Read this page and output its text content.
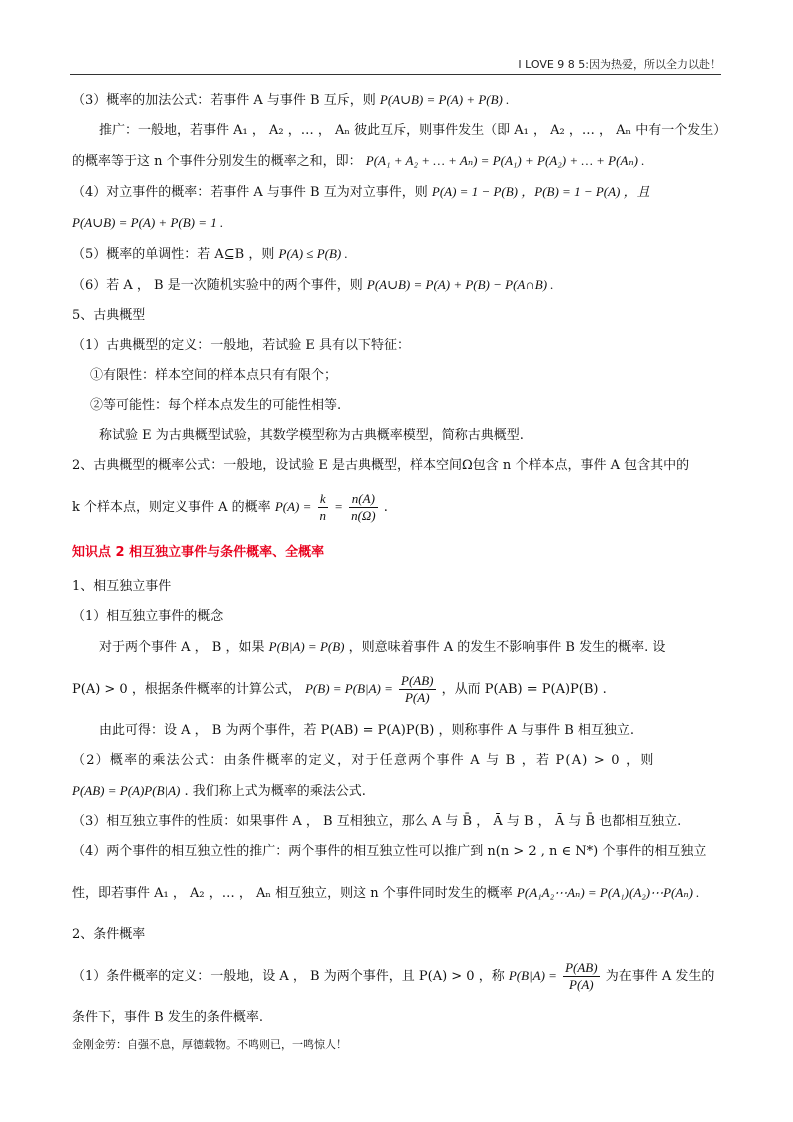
I LOVE 9 8 5:因为热爱，所以全力以赴！
（3）概率的加法公式：若事件 A 与事件 B 互斥，则 P(A∪B) = P(A) + P(B) .
推广：一般地，若事件 A₁ ， A₂ ，… ， Aₙ 彼此互斥，则事件发生（即 A₁ ， A₂ ，… ， Aₙ 中有一个发生）
的概率等于这 n 个事件分别发生的概率之和，即： P(A₁ + A₂ + … + Aₙ) = P(A₁) + P(A₂) + … + P(Aₙ) .
（4）对立事件的概率：若事件 A 与事件 B 互为对立事件，则 P(A) = 1 − P(B) ，P(B) = 1 − P(A) ，且
P(A∪B) = P(A) + P(B) = 1 .
（5）概率的单调性：若 A⊆B ，则 P(A) ≤ P(B) .
（6）若 A ， B 是一次随机实验中的两个事件，则 P(A∪B) = P(A) + P(B) − P(A∩B) .
5、古典概型
（1）古典概型的定义：一般地，若试验 E 具有以下特征：
①有限性：样本空间的样本点只有有限个；
②等可能性：每个样本点发生的可能性相等.
称试验 E 为古典概型试验，其数学模型称为古典概率模型，简称古典概型.
2、古典概型的概率公式：一般地，设试验 E 是古典概型，样本空间Ω包含 n 个样本点，事件 A 包含其中的
k 个样本点，则定义事件 A 的概率 $P(A) = \frac{k}{n} = \frac{n(A)}{n(\Omega)}$ .
知识点 2 相互独立事件与条件概率、全概率
1、相互独立事件
（1）相互独立事件的概念
对于两个事件 A ， B ，如果 P(B|A) = P(B) ，则意味着事件 A 的发生不影响事件 B 发生的概率. 设
P(A) > 0 ，根据条件概率的计算公式， $P(B) = P(B|A) = \frac{P(AB)}{P(A)}$ ，从而 P(AB) = P(A)P(B) .
由此可得：设 A ， B 为两个事件，若 P(AB) = P(A)P(B) ，则称事件 A 与事件 B 相互独立.
（2）概率的乘法公式：由条件概率的定义，对于任意两个事件 A 与 B ，若 P(A) > 0 ，则
P(AB) = P(A)P(B|A) . 我们称上式为概率的乘法公式.
（3）相互独立事件的性质：如果事件 A ， B 互相独立，那么 A 与 B̄ ， Ā 与 B ， Ā 与 B̄ 也都相互独立.
（4）两个事件的相互独立性的推广：两个事件的相互独立性可以推广到 n(n > 2 , n ∈ N*) 个事件的相互独立
性，即若事件 A₁ ， A₂ ，… ， Aₙ 相互独立，则这 n 个事件同时发生的概率 P(A₁A₂⋯Aₙ) = P(A₁)(A₂)⋯P(Aₙ) .
2、条件概率
（1）条件概率的定义：一般地，设 A ， B 为两个事件，且 P(A) > 0 ，称 $P(B|A) = \frac{P(AB)}{P(A)}$ 为在事件 A 发生的
条件下，事件 B 发生的条件概率.
金刚金劳：自强不息，厚德载物。不鸣则已，一鸣惊人！
